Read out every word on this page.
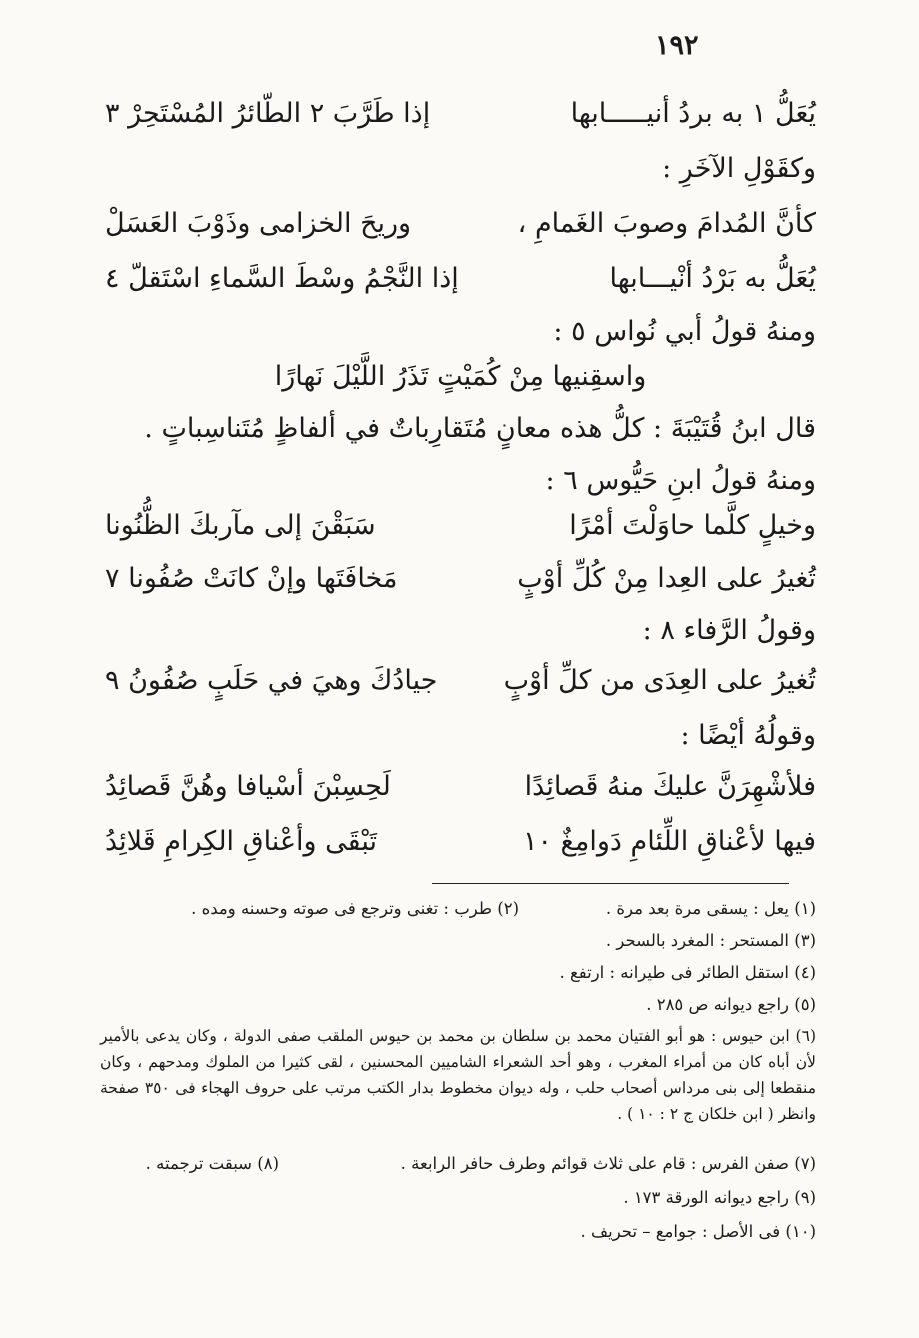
١٩٢
يُعَلُّ ١ به بردُ أنيـــــابها
إذا طَرَّبَ ٢ الطّائرُ المُسْتَحِرْ ٣
وكقَوْلِ الآخَرِ :
كأنَّ المُدامَ وصوبَ الغَمامِ ،
وريحَ الخزامى وذَوْبَ العَسَلْ
يُعَلُّ به بَرْدُ أنْيـــابها
إذا النَّجْمُ وسْطَ السَّماءِ اسْتَقلّ ٤
ومنهُ قولُ أبي نُواس ٥ :
واسقِنيها مِنْ كُمَيْتٍ تَذَرُ اللَّيْلَ نَهارًا
قال ابنُ قُتَيْبَةَ : كلُّ هذه معانٍ مُتَقارِباتٌ في ألفاظٍ مُتَناسِباتٍ .
ومنهُ قولُ ابنِ حَيُّوس ٦ :
وخيلٍ كلَّما حاوَلْتَ أمْرًا
سَبَقْنَ إلى مآربكَ الظُّنُونا
تُغيرُ على العِدا مِنْ كُلِّ أوْبٍ
مَخافَتَها وإنْ كانَتْ صُفُونا ٧
وقولُ الرَّفاء ٨ :
تُغيرُ على العِدَى من كلِّ أوْبٍ
جيادُكَ وهيَ في حَلَبٍ صُفُونُ ٩
وقولُهُ أيْضًا :
فلأشْهِرَنَّ عليكَ منهُ قَصائِدًا
لَحِسِبْنَ أسْيافا وهُنَّ قَصائِدُ
فيها لأعْناقِ اللِّئامِ دَوامِغٌ ١٠
تَبْقَى وأعْناقِ الكِرامِ قَلائِدُ
(١) يعل : يسقى مرة بعد مرة .
(٢) طرب : تغنى وترجع فى صوته وحسنه ومده .
(٣) المستحر : المغرد بالسحر .
(٤) استقل الطائر فى طيرانه : ارتفع .
(٥) راجع ديوانه ص ٢٨٥ .
(٦) ابن حيوس : هو أبو الفتيان محمد بن سلطان بن محمد بن حيوس الملقب صفى الدولة ، وكان يدعى بالأمير لأن أباه كان من أمراء المغرب ، وهو أحد الشعراء الشاميين المحسنين ، لقى كثيرا من الملوك ومدحهم ، وكان منقطعا إلى بنى مرداس أصحاب حلب ، وله ديوان مخطوط بدار الكتب مرتب على حروف الهجاء فى ٣٥٠ صفحة وانظر ( ابن خلكان ج ٢ : ١٠ ) .
(٧) صفن الفرس : قام على ثلاث قوائم وطرف حافر الرابعة .
(٨) سبقت ترجمته .
(٩) راجع ديوانه الورقة ١٧٣ .
(١٠) فى الأصل : جوامع – تحريف .
